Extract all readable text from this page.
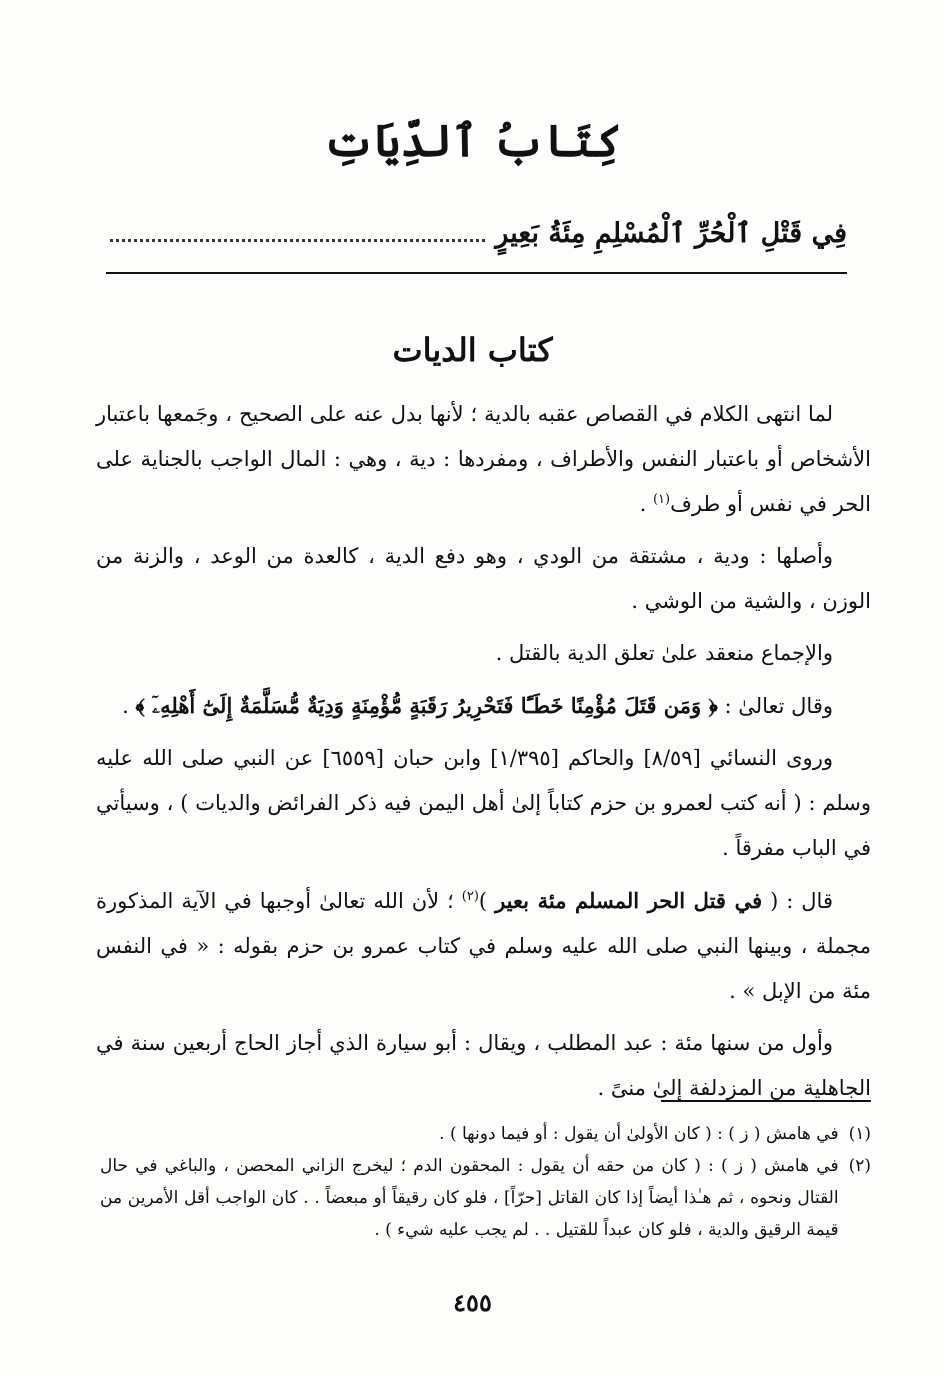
كِتَابُ ٱلدِّيَاتِ
فِي قَتْلِ ٱلْحُرِّ ٱلْمُسْلِمِ مِئَةُ بَعِيرٍ
كتاب الديات

لما انتهى الكلام في القصاص عقبه بالدية ؛ لأنها بدل عنه على الصحيح ، وجَمعها باعتبار الأشخاص أو باعتبار النفس والأطراف ، ومفردها : دية ، وهي : المال الواجب بالجناية على الحر في نفس أو طرف$^{(١)}$ .

وأصلها : ودية ، مشتقة من الودي ، وهو دفع الدية ، كالعدة من الوعد ، والزنة من الوزن ، والشية من الوشي .

والإجماع منعقد علىٰ تعلق الدية بالقتل .

وقال تعالىٰ : ﴿ وَمَن قَتَلَ مُؤْمِنًا خَطَـًٔا فَتَحْرِيرُ رَقَبَةٍ مُّؤْمِنَةٍ وَدِيَةٌ مُّسَلَّمَةٌ إِلَىٰٓ أَهْلِهِۦٓ ﴾ .

وروى النسائي [٨/٥٩] والحاكم [١/٣٩٥] وابن حبان [٦٥٥٩] عن النبي صلى الله عليه وسلم : ( أنه كتب لعمرو بن حزم كتاباً إلىٰ أهل اليمن فيه ذكر الفرائض والديات ) ، وسيأتي في الباب مفرقاً .

قال : ( في قتل الحر المسلم مئة بعير )$^{(٢)}$ ؛ لأن الله تعالىٰ أوجبها في الآية المذكورة مجملة ، وبينها النبي صلى الله عليه وسلم في كتاب عمرو بن حزم بقوله : « في النفس مئة من الإبل » .

وأول من سنها مئة : عبد المطلب ، ويقال : أبو سيارة الذي أجاز الحاج أربعين سنة في الجاهلية من المزدلفة إلىٰ منىً .

(١)
في هامش ( ز ) : ( كان الأولىٰ أن يقول : أو فيما دونها ) .
(٢)
في هامش ( ز ) : ( كان من حقه أن يقول : المحقون الدم ؛ ليخرج الزاني المحصن ، والباغي في حال القتال ونحوه ، ثم هـٰذا أيضاً إذا كان القاتل [حرّاً] ، فلو كان رقيقاً أو مبعضاً . . كان الواجب أقل الأمرين من قيمة الرقيق والدية ، فلو كان عبداً للقتيل . . لم يجب عليه شيء ) .
٤٥٥
